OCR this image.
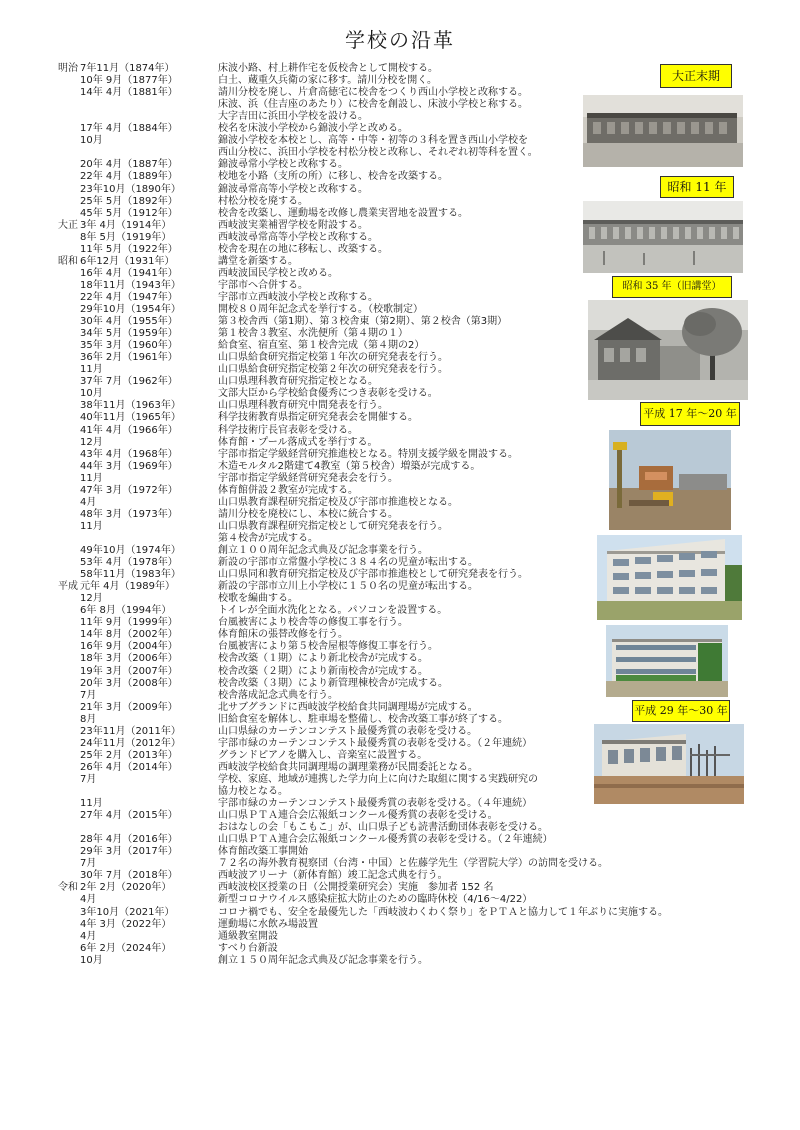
学校の沿革
明治 7年11月（1874年）	床波小路、村上耕作宅を仮校舎として開校する。
10年 9月（1877年）	白土、蔵重久兵衛の家に移す。請川分校を開く。
14年 4月（1881年）	請川分校を廃し、片倉高徳宅に校舎をつくり西山小学校と改称する。
床波、浜（住吉座のあたり）に校舎を創設し、床波小学校と称する。
大字吉田に浜田小学校を設ける。
17年 4月（1884年）	校名を床波小学校から錦波小学と改める。
10月	錦波小学校を本校とし、高等・中等・初等の３科を置き西山小学校を
西山分校に、浜田小学校を村松分校と改称し、それぞれ初等科を置く。
20年 4月（1887年）	錦波尋常小学校と改称する。
22年 4月（1889年）	校地を小路（支所の所）に移し、校舎を改築する。
23年10月（1890年）	錦波尋常高等小学校と改称する。
25年 5月（1892年）	村松分校を廃する。
45年 5月（1912年）	校舎を改築し、運動場を改修し農業実習地を設置する。
大正 3年 4月（1914年）	西岐波実業補習学校を附設する。
8年 5月（1919年）	西岐波尋常高等小学校と改称する。
11年 5月（1922年）	校舎を現在の地に移転し、改築する。
昭和 6年12月（1931年）	講堂を新築する。
16年 4月（1941年）	西岐波国民学校と改める。
18年11月（1943年）	宇部市へ合併する。
22年 4月（1947年）	宇部市立西岐波小学校と改称する。
29年10月（1954年）	開校８０周年記念式を挙行する。（校歌制定）
30年 4月（1955年）	第３校舎西（第1期）、第３校舎東（第2期）、第２校舎（第3期）
34年 5月（1959年）	第１校舎３教室、水洗便所（第４期の１）
35年 3月（1960年）	給食室、宿直室、第１校舎完成（第４期の2）
36年 2月（1961年）	山口県給食研究指定校第１年次の研究発表を行う。
11月	山口県給食研究指定校第２年次の研究発表を行う。
37年 7月（1962年）	山口県理科教育研究指定校となる。
10月	文部大臣から学校給食優秀につき表彰を受ける。
38年11月（1963年）	山口県理科教育研究中間発表を行う。
40年11月（1965年）	科学技術教育県指定研究発表会を開催する。
41年 4月（1966年）	科学技術庁長官表彰を受ける。
12月	体育館・プール落成式を挙行する。
43年 4月（1968年）	宇部市指定学級経営研究推進校となる。特別支援学級を開設する。
44年 3月（1969年）	木造モルタル2階建て4教室（第５校舎）増築が完成する。
11月	宇部市指定学級経営研究発表会を行う。
47年 3月（1972年）	体育館併設２教室が完成する。
4月	山口県教育課程研究指定校及び宇部市推進校となる。
48年 3月（1973年）	請川分校を廃校にし、本校に統合する。
11月	山口県教育課程研究指定校として研究発表を行う。
第４校舎が完成する。
49年10月（1974年）	創立１００周年記念式典及び記念事業を行う。
53年 4月（1978年）	新設の宇部市立常盤小学校に３８４名の児童が転出する。
58年11月（1983年）	山口県同和教育研究指定校及び宇部市推進校として研究発表を行う。
平成 元年 4月（1989年）	新設の宇部市立川上小学校に１５０名の児童が転出する。
12月	校歌を編曲する。
6年 8月（1994年）	トイレが全面水洗化となる。パソコンを設置する。
11年 9月（1999年）	台風被害により校舎等の修復工事を行う。
14年 8月（2002年）	体育館床の張替改修を行う。
16年 9月（2004年）	台風被害により第５校舎屋根等修復工事を行う。
18年 3月（2006年）	校舎改築（１期）により新北校舎が完成する。
19年 3月（2007年）	校舎改築（２期）により新南校舎が完成する。
20年 3月（2008年）	校舎改築（３期）により新管理棟校舎が完成する。
7月	校舎落成記念式典を行う。
21年 3月（2009年）	北サブグランドに西岐波学校給食共同調理場が完成する。
8月	旧給食室を解体し、駐車場を整備し、校舎改築工事が終了する。
23年11月（2011年）	山口県緑のカーテンコンテスト最優秀賞の表彰を受ける。
24年11月（2012年）	宇部市緑のカーテンコンテスト最優秀賞の表彰を受ける。（２年連続）
25年 2月（2013年）	グランドピアノを購入し、音楽室に設置する。
26年 4月（2014年）	西岐波学校給食共同調理場の調理業務が民間委託となる。
7月	学校、家庭、地域が連携した学力向上に向けた取組に関する実践研究の
協力校となる。
11月	宇部市緑のカーテンコンテスト最優秀賞の表彰を受ける。（４年連続）
27年 4月（2015年）	山口県ＰＴＡ連合会広報紙コンクール優秀賞の表彰を受ける。
おはなしの会「もこもこ」が、山口県子ども読書活動団体表彰を受ける。
28年 4月（2016年）	山口県ＰＴＡ連合会広報紙コンクール優秀賞の表彰を受ける。（２年連続）
29年 3月（2017年）	体育館改築工事開始
7月	７２名の海外教育視察団（台湾・中国）と佐藤学先生（学習院大学）の訪問を受ける。
30年 7月（2018年）	西岐波アリーナ（新体育館）竣工記念式典を行う。
令和 2年 2月（2020年）	西岐波校区授業の日（公開授業研究会）実施　参加者 152 名
4月	新型コロナウイルス感染症拡大防止のための臨時休校（4/16〜4/22）
3年10月（2021年）	コロナ禍でも、安全を最優先した「西岐波わくわく祭り」をＰＴＡと協力して１年ぶりに実施する。
4年 3月（2022年）	運動場に水飲み場設置
4月	通級教室開設
6年 2月（2024年）	すべり台新設
10月	創立１５０周年記念式典及び記念事業を行う。
大正末期
昭和 11 年
昭和 35 年（旧講堂）
平成 17 年〜20 年
平成 29 年〜30 年
